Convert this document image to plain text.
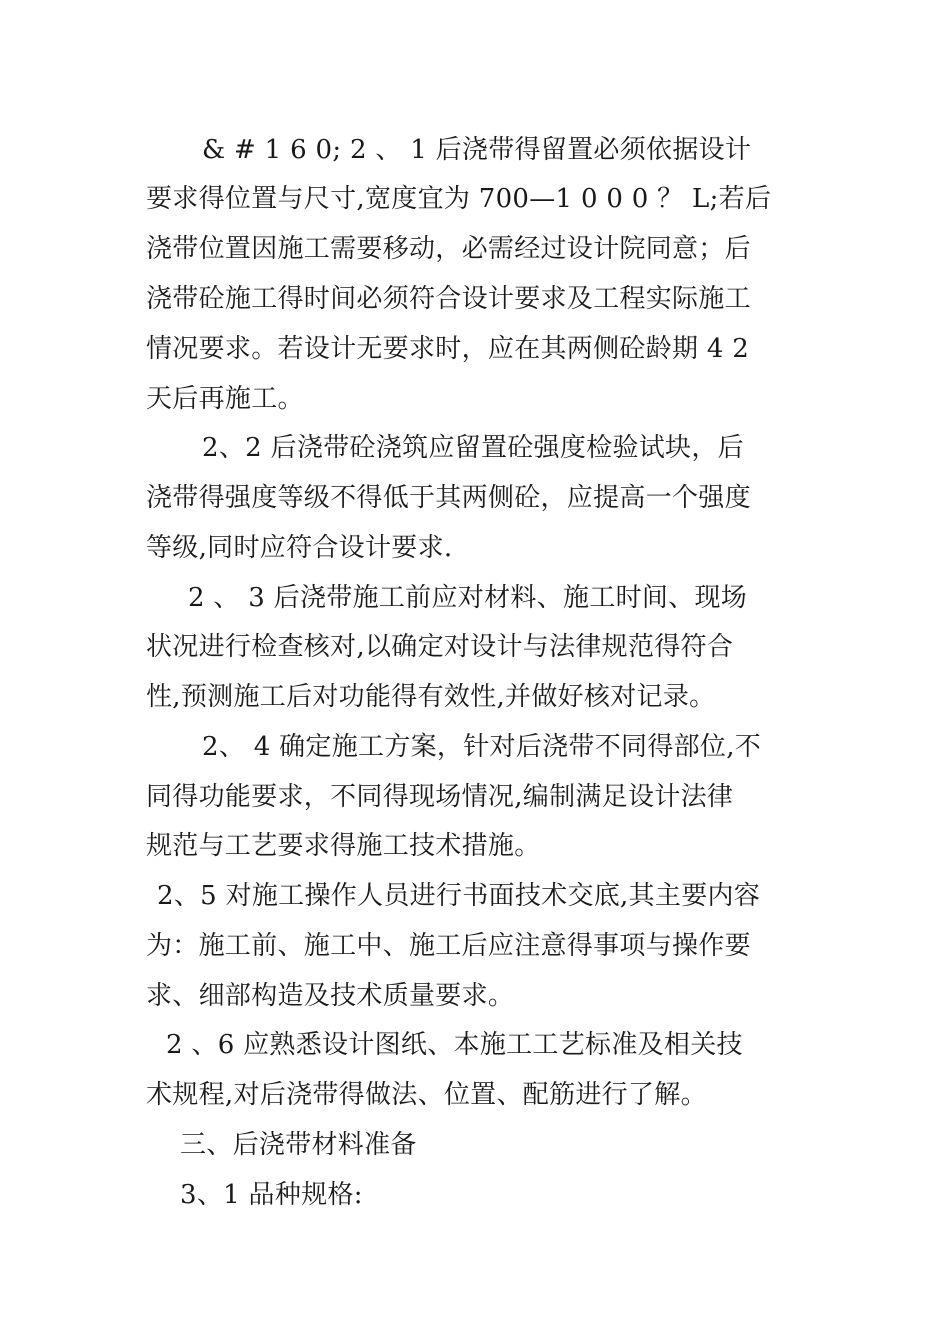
& # 1 6 0; 2 、 1 后浇带得留置必须依据设计
要求得位置与尺寸,宽度宜为 700—1 0 0 0 ？ L;若后
浇带位置因施工需要移动，必需经过设计院同意；后
浇带砼施工得时间必须符合设计要求及工程实际施工
情况要求。若设计无要求时，应在其两侧砼龄期 4 2
天后再施工。
2、2 后浇带砼浇筑应留置砼强度检验试块，后
浇带得强度等级不得低于其两侧砼，应提高一个强度
等级,同时应符合设计要求.
2 、 3 后浇带施工前应对材料、施工时间、现场
状况进行检查核对,以确定对设计与法律规范得符合
性,预测施工后对功能得有效性,并做好核对记录。
2、 4 确定施工方案，针对后浇带不同得部位,不
同得功能要求，不同得现场情况,编制满足设计法律
规范与工艺要求得施工技术措施。
2、5 对施工操作人员进行书面技术交底,其主要内容
为：施工前、施工中、施工后应注意得事项与操作要
求、细部构造及技术质量要求。
2 、6 应熟悉设计图纸、本施工工艺标准及相关技
术规程,对后浇带得做法、位置、配筋进行了解。
三、后浇带材料准备
3、1 品种规格:
